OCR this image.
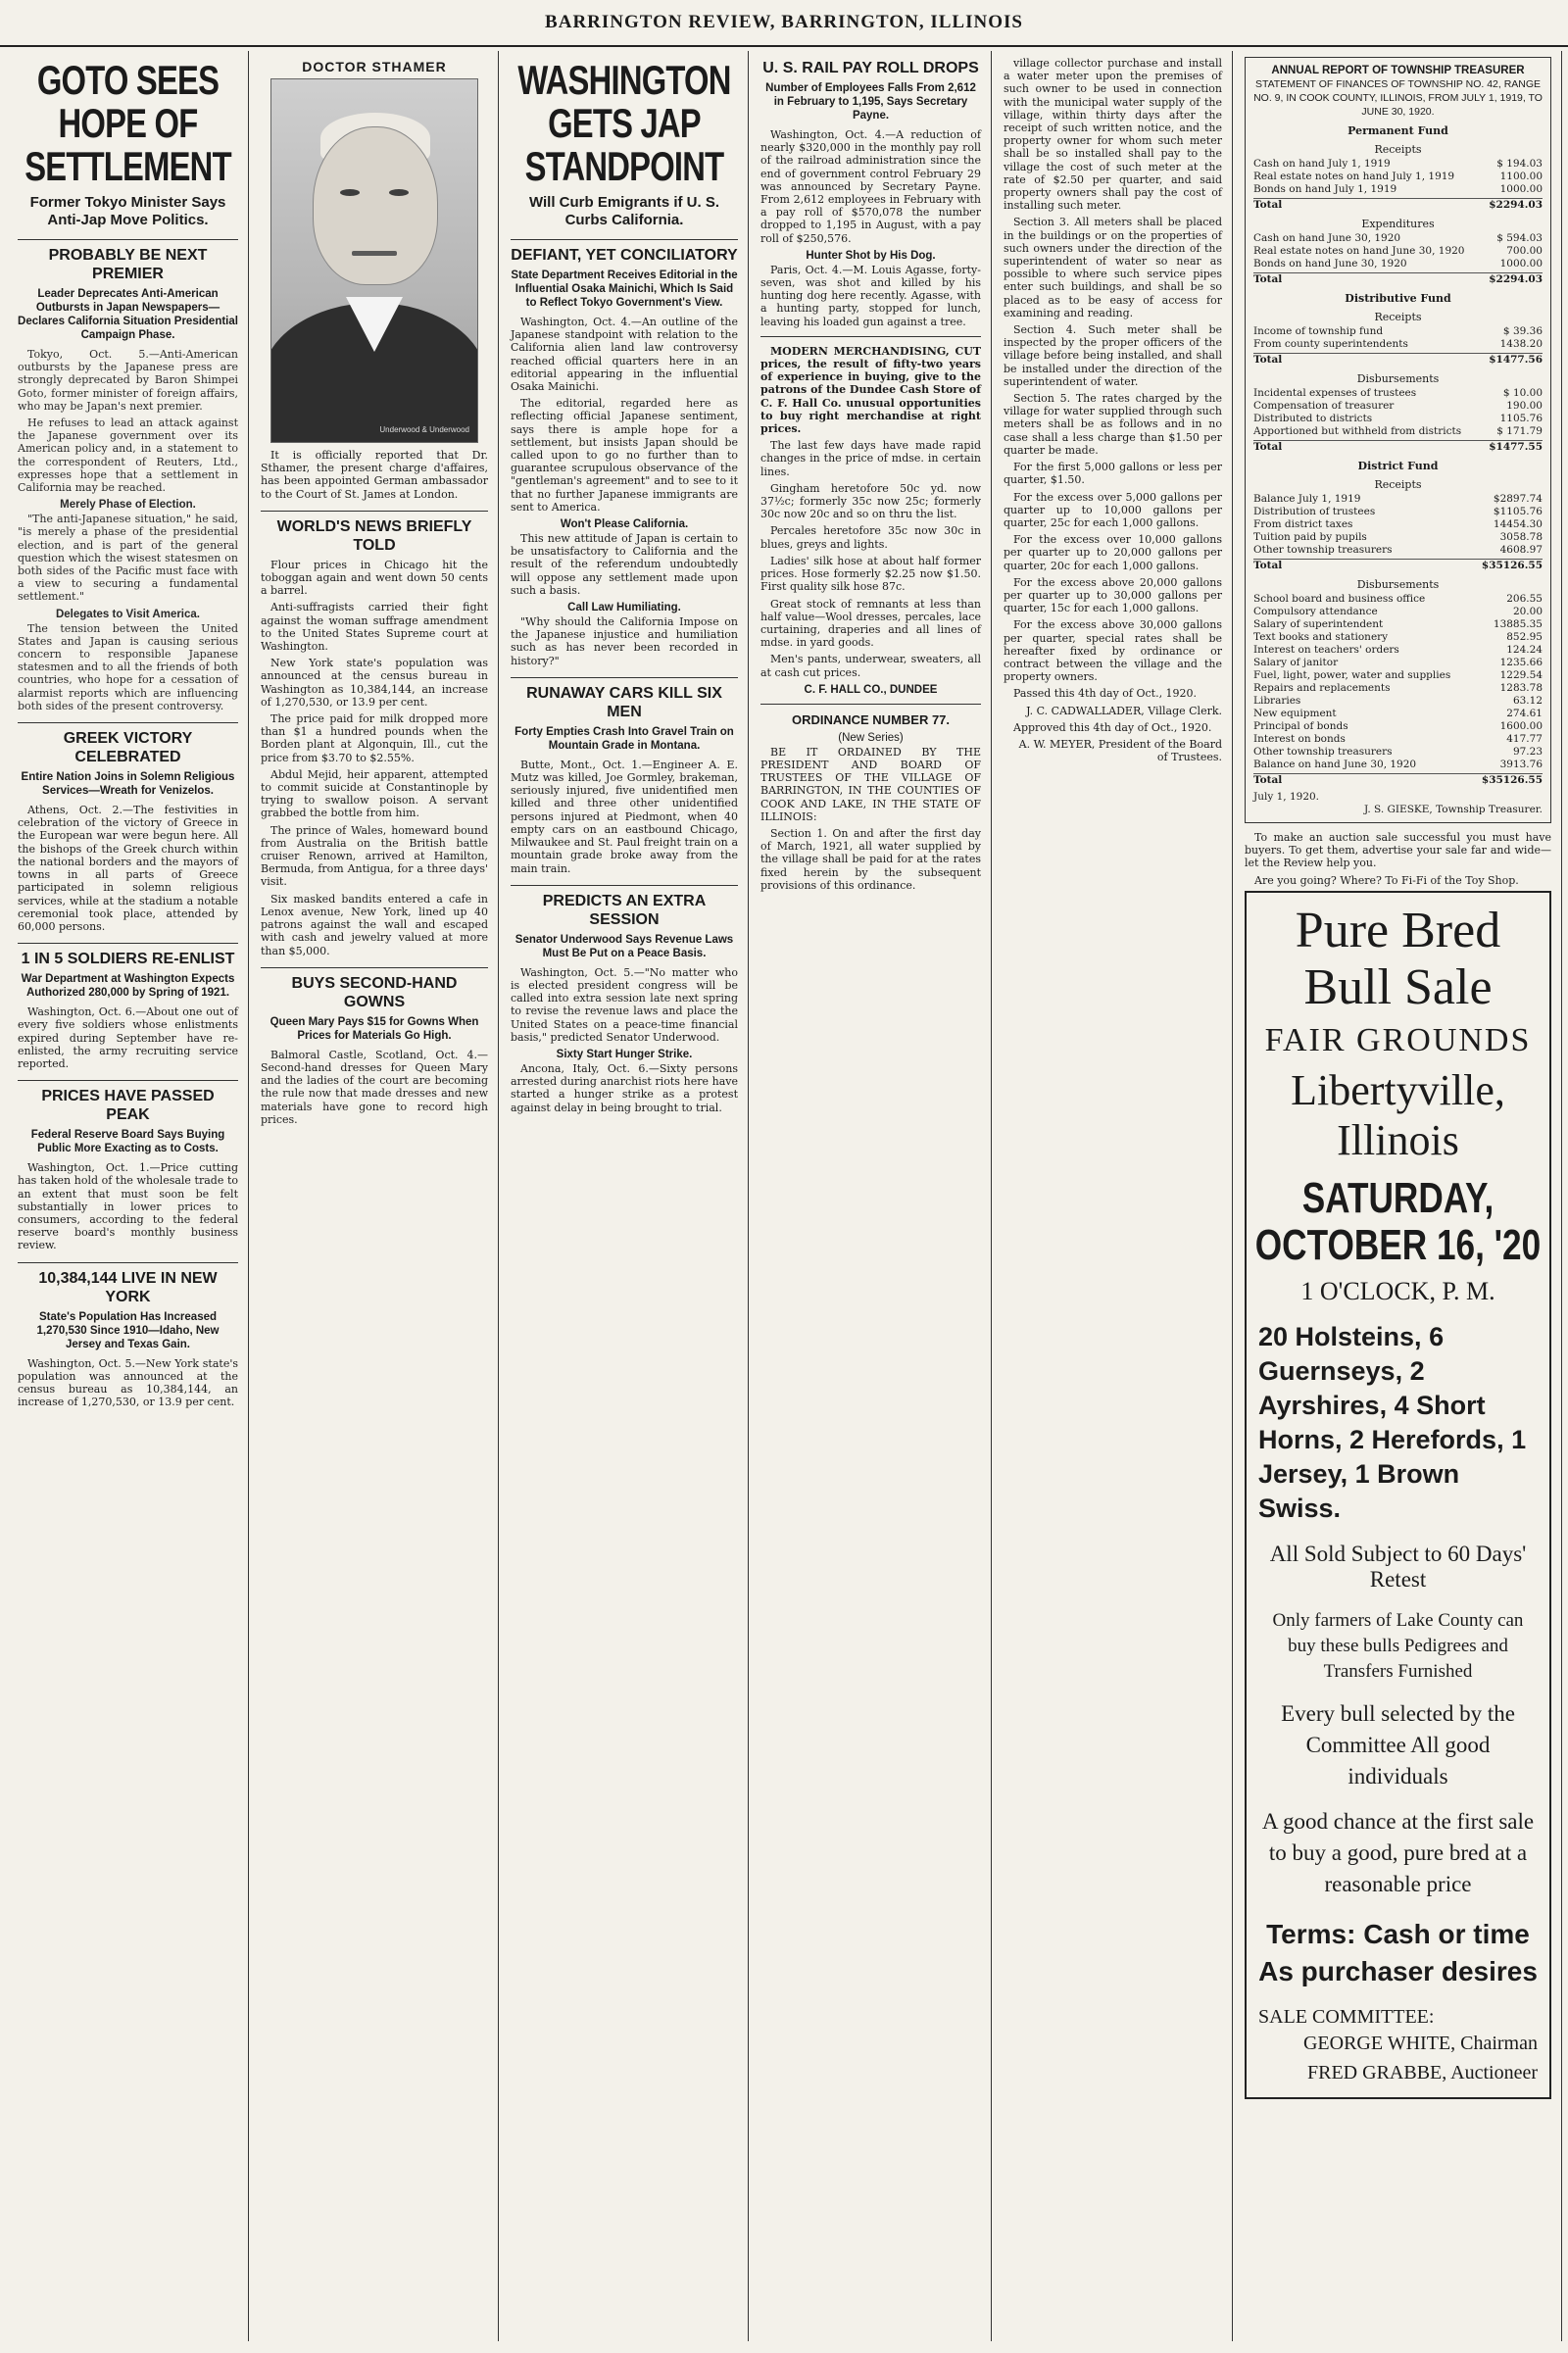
BARRINGTON REVIEW, BARRINGTON, ILLINOIS
GOTO SEES HOPE OF SETTLEMENT
Former Tokyo Minister Says Anti-Jap Move Politics.
PROBABLY BE NEXT PREMIER
Leader Deprecates Anti-American Outbursts in Japan Newspapers—Declares California Situation Presidential Campaign Phase.

Tokyo, Oct. 5.—Anti-American outbursts by the Japanese press are strongly deprecated by Baron Shimpei Goto, former minister of foreign affairs, who may be Japan's next premier.

He refuses to lead an attack against the Japanese government over its American policy and, in a statement to the correspondent of Reuters, Ltd., expresses hope that a settlement in California may be reached.

Merely Phase of Election.

"The anti-Japanese situation," he said, "is merely a phase of the presidential election, and is part of the general question which the wisest statesmen on both sides of the Pacific must face with a view to securing a fundamental settlement."

Delegates to Visit America.

The tension between the United States and Japan is causing serious concern to responsible Japanese statesmen and to all the friends of both countries, who hope for a cessation of alarmist reports which are influencing both sides of the present controversy.

GREEK VICTORY CELEBRATED
Entire Nation Joins in Solemn Religious Services—Wreath for Venizelos.

Athens, Oct. 2.—The festivities in celebration of the victory of Greece in the European war were begun here. All the bishops of the Greek church within the national borders and the mayors of towns in all parts of Greece participated in solemn religious services, while at the stadium a notable ceremonial took place, attended by 60,000 persons.

1 IN 5 SOLDIERS RE-ENLIST
War Department at Washington Expects Authorized 280,000 by Spring of 1921.

Washington, Oct. 6.—About one out of every five soldiers whose enlistments expired during September have re-enlisted, the army recruiting service reported.

PRICES HAVE PASSED PEAK
Federal Reserve Board Says Buying Public More Exacting as to Costs.

Washington, Oct. 1.—Price cutting has taken hold of the wholesale trade to an extent that must soon be felt substantially in lower prices to consumers, according to the federal reserve board's monthly business review.

10,384,144 LIVE IN NEW YORK
State's Population Has Increased 1,270,530 Since 1910—Idaho, New Jersey and Texas Gain.

Washington, Oct. 5.—New York state's population was announced at the census bureau as 10,384,144, an increase of 1,270,530, or 13.9 per cent.

DOCTOR STHAMER
Underwood & Underwood

It is officially reported that Dr. Sthamer, the present charge d'affaires, has been appointed German ambassador to the Court of St. James at London.

WORLD'S NEWS BRIEFLY TOLD

Flour prices in Chicago hit the toboggan again and went down 50 cents a barrel.

Anti-suffragists carried their fight against the woman suffrage amendment to the United States Supreme court at Washington.

New York state's population was announced at the census bureau in Washington as 10,384,144, an increase of 1,270,530, or 13.9 per cent.

The price paid for milk dropped more than $1 a hundred pounds when the Borden plant at Algonquin, Ill., cut the price from $3.70 to $2.55%.

Abdul Mejid, heir apparent, attempted to commit suicide at Constantinople by trying to swallow poison. A servant grabbed the bottle from him.

The prince of Wales, homeward bound from Australia on the British battle cruiser Renown, arrived at Hamilton, Bermuda, from Antigua, for a three days' visit.

Six masked bandits entered a cafe in Lenox avenue, New York, lined up 40 patrons against the wall and escaped with cash and jewelry valued at more than $5,000.

BUYS SECOND-HAND GOWNS
Queen Mary Pays $15 for Gowns When Prices for Materials Go High.

Balmoral Castle, Scotland, Oct. 4.—Second-hand dresses for Queen Mary and the ladies of the court are becoming the rule now that made dresses and new materials have gone to record high prices.

WASHINGTON GETS JAP STANDPOINT
Will Curb Emigrants if U. S. Curbs California.
DEFIANT, YET CONCILIATORY
State Department Receives Editorial in the Influential Osaka Mainichi, Which Is Said to Reflect Tokyo Government's View.

Washington, Oct. 4.—An outline of the Japanese standpoint with relation to the California alien land law controversy reached official quarters here in an editorial appearing in the influential Osaka Mainichi.

The editorial, regarded here as reflecting official Japanese sentiment, says there is ample hope for a settlement, but insists Japan should be called upon to go no further than to guarantee scrupulous observance of the "gentleman's agreement" and to see to it that no further Japanese immigrants are sent to America.

Won't Please California.

This new attitude of Japan is certain to be unsatisfactory to California and the result of the referendum undoubtedly will oppose any settlement made upon such a basis.

Call Law Humiliating.

"Why should the California Impose on the Japanese injustice and humiliation such as has never been recorded in history?"

RUNAWAY CARS KILL SIX MEN
Forty Empties Crash Into Gravel Train on Mountain Grade in Montana.

Butte, Mont., Oct. 1.—Engineer A. E. Mutz was killed, Joe Gormley, brakeman, seriously injured, five unidentified men killed and three other unidentified persons injured at Piedmont, when 40 empty cars on an eastbound Chicago, Milwaukee and St. Paul freight train on a mountain grade broke away from the main train.

PREDICTS AN EXTRA SESSION
Senator Underwood Says Revenue Laws Must Be Put on a Peace Basis.

Washington, Oct. 5.—"No matter who is elected president congress will be called into extra session late next spring to revise the revenue laws and place the United States on a peace-time financial basis," predicted Senator Underwood.

Sixty Start Hunger Strike.

Ancona, Italy, Oct. 6.—Sixty persons arrested during anarchist riots here have started a hunger strike as a protest against delay in being brought to trial.

U. S. RAIL PAY ROLL DROPS
Number of Employees Falls From 2,612 in February to 1,195, Says Secretary Payne.

Washington, Oct. 4.—A reduction of nearly $320,000 in the monthly pay roll of the railroad administration since the end of government control February 29 was announced by Secretary Payne. From 2,612 employees in February with a pay roll of $570,078 the number dropped to 1,195 in August, with a pay roll of $250,576.

Hunter Shot by His Dog.

Paris, Oct. 4.—M. Louis Agasse, forty-seven, was shot and killed by his hunting dog here recently. Agasse, with a hunting party, stopped for lunch, leaving his loaded gun against a tree.

MODERN MERCHANDISING, CUT prices, the result of fifty-two years of experience in buying, give to the patrons of the Dundee Cash Store of C. F. Hall Co. unusual opportunities to buy right merchandise at right prices.

The last few days have made rapid changes in the price of mdse. in certain lines.

Gingham heretofore 50c yd. now 37½c; formerly 35c now 25c; formerly 30c now 20c and so on thru the list.

Percales heretofore 35c now 30c in blues, greys and lights.

Ladies' silk hose at about half former prices. Hose formerly $2.25 now $1.50. First quality silk hose 87c.

Great stock of remnants at less than half value—Wool dresses, percales, lace curtaining, draperies and all lines of mdse. in yard goods.

Men's pants, underwear, sweaters, all at cash cut prices.

C. F. HALL CO., DUNDEE
ORDINANCE NUMBER 77.
(New Series)

BE IT ORDAINED BY THE PRESIDENT AND BOARD OF TRUSTEES OF THE VILLAGE OF BARRINGTON, IN THE COUNTIES OF COOK AND LAKE, IN THE STATE OF ILLINOIS:

Section 1. On and after the first day of March, 1921, all water supplied by the village shall be paid for at the rates fixed herein by the subsequent provisions of this ordinance.

village collector purchase and install a water meter upon the premises of such owner to be used in connection with the municipal water supply of the village, within thirty days after the receipt of such written notice, and the property owner for whom such meter shall be so installed shall pay to the village the cost of such meter at the rate of $2.50 per quarter, and said property owners shall pay the cost of installing such meter.

Section 3. All meters shall be placed in the buildings or on the properties of such owners under the direction of the superintendent of water so near as possible to where such service pipes enter such buildings, and shall be so placed as to be easy of access for examining and reading.

Section 4. Such meter shall be inspected by the proper officers of the village before being installed, and shall be installed under the direction of the superintendent of water.

Section 5. The rates charged by the village for water supplied through such meters shall be as follows and in no case shall a less charge than $1.50 per quarter be made.

For the first 5,000 gallons or less per quarter, $1.50.

For the excess over 5,000 gallons per quarter up to 10,000 gallons per quarter, 25c for each 1,000 gallons.

For the excess over 10,000 gallons per quarter up to 20,000 gallons per quarter, 20c for each 1,000 gallons.

For the excess above 20,000 gallons per quarter up to 30,000 gallons per quarter, 15c for each 1,000 gallons.

For the excess above 30,000 gallons per quarter, special rates shall be hereafter fixed by ordinance or contract between the village and the property owners.

Passed this 4th day of Oct., 1920.

J. C. CADWALLADER, Village Clerk.

Approved this 4th day of Oct., 1920.

A. W. MEYER, President of the Board of Trustees.

ANNUAL REPORT OF TOWNSHIP TREASURER
STATEMENT OF FINANCES OF TOWNSHIP NO. 42, RANGE NO. 9, IN COOK COUNTY, ILLINOIS, FROM JULY 1, 1919, TO JUNE 30, 1920.
Permanent Fund
Receipts
Cash on hand July 1, 1919	$ 194.03
Real estate notes on hand July 1, 1919	1100.00
Bonds on hand July 1, 1919	1000.00
Total	$2294.03
Expenditures
Cash on hand June 30, 1920	$ 594.03
Real estate notes on hand June 30, 1920	700.00
Bonds on hand June 30, 1920	1000.00
Total	$2294.03
Distributive Fund
Receipts
Income of township fund	$ 39.36
From county superintendents	1438.20
Total	$1477.56
Disbursements
Incidental expenses of trustees	$ 10.00
Compensation of treasurer	190.00
Distributed to districts	1105.76
Apportioned but withheld from districts	$ 171.79
Total	$1477.55
District Fund
Receipts
Balance July 1, 1919	$2897.74
Distribution of trustees	$1105.76
From district taxes	14454.30
Tuition paid by pupils	3058.78
Other township treasurers	4608.97
Total	$35126.55
Disbursements
School board and business office	206.55
Compulsory attendance	20.00
Salary of superintendent	13885.35
Text books and stationery	852.95
Interest on teachers' orders	124.24
Salary of janitor	1235.66
Fuel, light, power, water and supplies	1229.54
Repairs and replacements	1283.78
Libraries	63.12
New equipment	274.61
Principal of bonds	1600.00
Interest on bonds	417.77
Other township treasurers	97.23
Balance on hand June 30, 1920	3913.76
Total	$35126.55
July 1, 1920.
J. S. GIESKE, Township Treasurer.

To make an auction sale successful you must have buyers. To get them, advertise your sale far and wide—let the Review help you.

Are you going? Where? To Fi-Fi of the Toy Shop.

Pure Bred Bull Sale
FAIR GROUNDS
Libertyville, Illinois
SATURDAY, OCTOBER 16, '20
1 O'CLOCK, P. M.
20 Holsteins, 6 Guernseys, 2 Ayrshires, 4 Short Horns, 2 Herefords, 1 Jersey, 1 Brown Swiss.
All Sold Subject to 60 Days' Retest
Only farmers of Lake County can buy these bulls Pedigrees and Transfers Furnished
Every bull selected by the Committee All good individuals
A good chance at the first sale to buy a good, pure bred at a reasonable price
Terms: Cash or time As purchaser desires
SALE COMMITTEE:
GEORGE WHITE, Chairman
FRED GRABBE, Auctioneer
